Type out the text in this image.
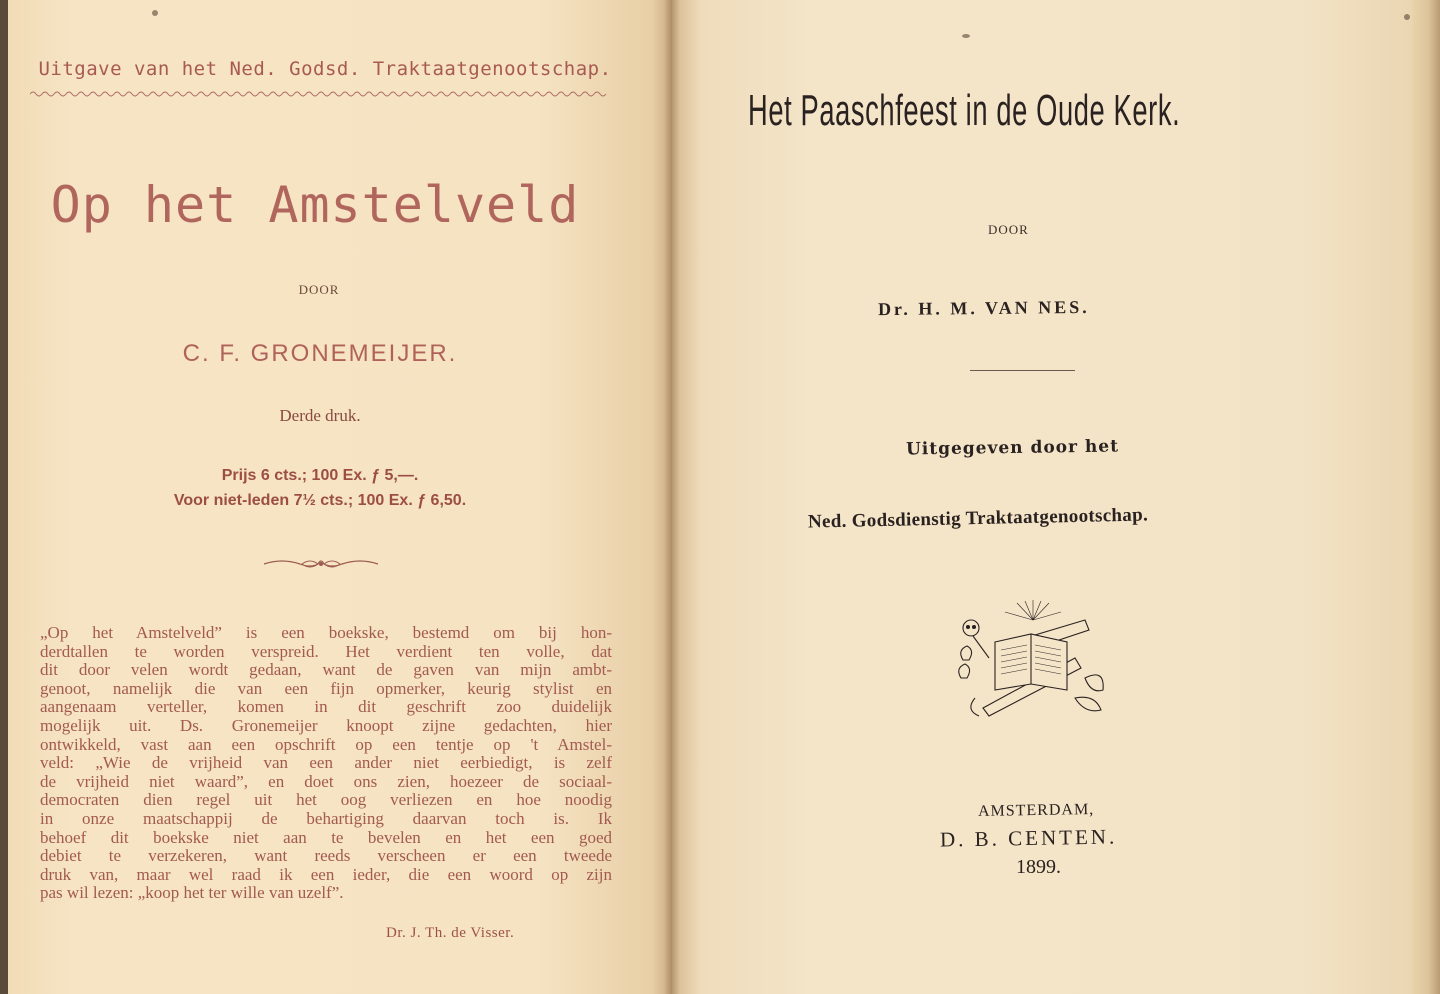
Uitgave van het Ned. Godsd. Traktaatgenootschap.
Op het Amstelveld
DOOR
C. F. GRONEMEIJER.
Derde druk.
Prijs 6 cts.; 100 Ex. ƒ 5,—.
Voor niet-leden 7½ cts.; 100 Ex. ƒ 6,50.
„Op het Amstelveld” is een boekske, bestemd om bij hon-
derdtallen te worden verspreid. Het verdient ten volle, dat
dit door velen wordt gedaan, want de gaven van mijn ambt-
genoot, namelijk die van een fijn opmerker, keurig stylist en
aangenaam verteller, komen in dit geschrift zoo duidelijk
mogelijk uit. Ds. Gronemeijer knoopt zijne gedachten, hier
ontwikkeld, vast aan een opschrift op een tentje op 't Amstel-
veld: „Wie de vrijheid van een ander niet eerbiedigt, is zelf
de vrijheid niet waard”, en doet ons zien, hoezeer de sociaal-
democraten dien regel uit het oog verliezen en hoe noodig
in onze maatschappij de behartiging daarvan toch is. Ik
behoef dit boekske niet aan te bevelen en het een goed
debiet te verzekeren, want reeds verscheen er een tweede
druk van, maar wel raad ik een ieder, die een woord op zijn
pas wil lezen: „koop het ter wille van uzelf”.
Dr. J. Th. de Visser.
Het Paaschfeest in de Oude Kerk.
DOOR
Dr. H. M. VAN NES.
Uitgegeven door het
Ned. Godsdienstig Traktaatgenootschap.
AMSTERDAM,
D. B. CENTEN.
1899.
